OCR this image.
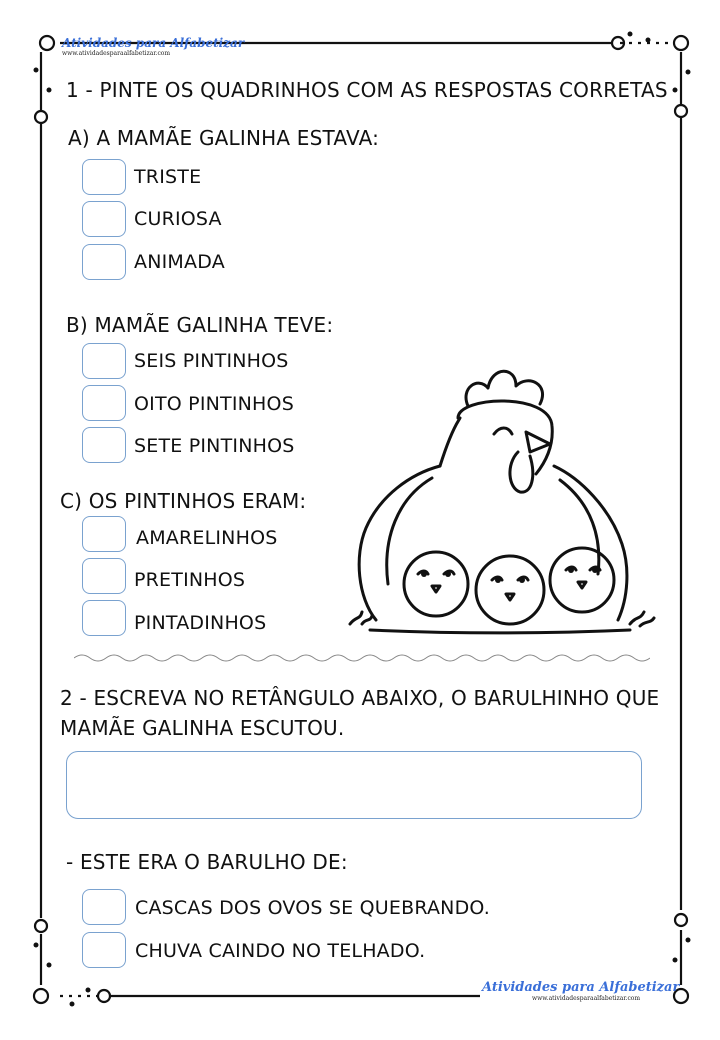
Atividades para Alfabetizar
www.atividadesparaalfabetizar.com
Atividades para Alfabetizar
www.atividadesparaalfabetizar.com
1 - PINTE OS QUADRINHOS COM AS RESPOSTAS CORRETAS
A) A MAMÃE GALINHA ESTAVA:
TRISTE
CURIOSA
ANIMADA
B) MAMÃE GALINHA TEVE:
SEIS PINTINHOS
OITO PINTINHOS
SETE PINTINHOS
C) OS PINTINHOS ERAM:
AMARELINHOS
PRETINHOS
PINTADINHOS
2 - ESCREVA NO RETÂNGULO ABAIXO, O BARULHINHO QUE
MAMÃE GALINHA ESCUTOU.
- ESTE ERA O BARULHO DE:
CASCAS DOS OVOS SE QUEBRANDO.
CHUVA CAINDO NO TELHADO.
